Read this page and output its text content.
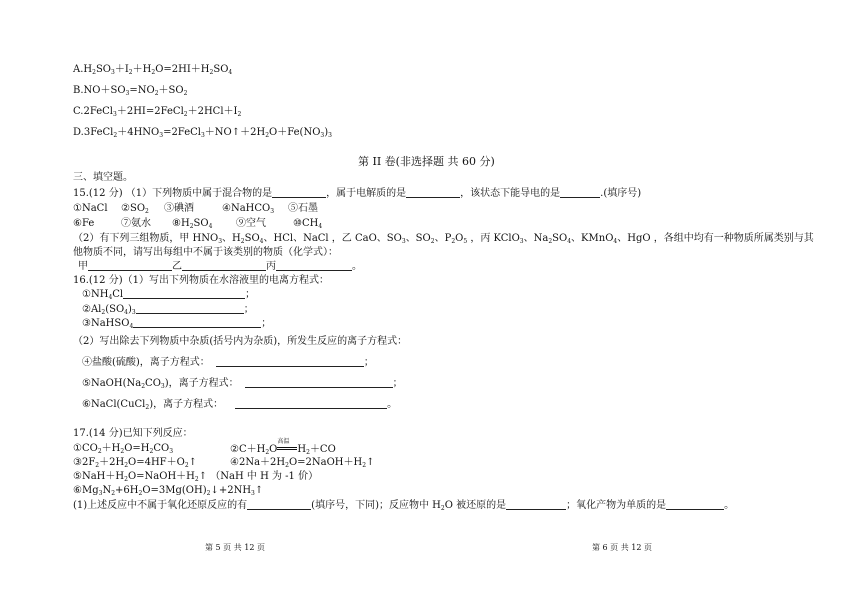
$A.H_2SO_3+I_2+H_2O=2HI+H_2SO_4$
$B.NO+SO_3=NO_2+SO_2$
$C.2FeCl_3+2HI=2FeCl_2+2HCl+I_2$
$D.3FeCl_2+4HNO_3=2FeCl_3+NO↑+2H_2O+Fe(NO_3)_3$
第 II 卷(非选择题 共 60 分)
三、填空题。
15.(12 分) （1）下列物质中属于混合物的是	，属于电解质的是	，该状态下能导电的是	.(填序号)
①NaCl $②SO_2$ ③碘酒	④NaHCO$_3$ ⑤石墨
⑥Fe	⑦氨水 $⑧H_2SO_4$ ⑨空气	$⑩CH_4$
（2）有下列三组物质，甲 $HNO_3$、$H_2SO_4$、HCl、NaCl ，乙 CaO、$SO_3$、$SO_2$、$P_2O_5$ ，丙 KClO$_3$、$Na_2SO_4$、KMnO$_4$、HgO ，各组中均有一种物质所属类别与其
他物质不同，请写出每组中不属于该类别的物质（化学式）：
甲	乙	丙	。
16.(12 分)（1）写出下列物质在水溶液里的电离方程式：
$①NH_4Cl$	；
$②Al_2(SO_4)_3$	；
③NaHSO$_4$	；
（2）写出除去下列物质中杂质(括号内为杂质)，所发生反应的离子方程式：
④盐酸(硫酸)，离子方程式：	；
$⑤NaOH(Na_2CO_3)$，离子方程式：	；
⑥NaCl(CuCl$_2$)，离子方程式：	。
17.(14 分)已知下列反应：
$①CO_2+H_2O=H_2CO_3$	$②C+H_2O$
高温
$H_2+CO$
$③2F_2+2H_2O=4HF+O_2↑$	$④2Na+2H_2O=2NaOH+H_2↑$
$⑤NaH+H_2O=NaOH+H_2↑$ （NaH 中 H 为 -1 价）
$⑥Mg_3N_2+6H_2O=3Mg(OH)_2↓+2NH_3↑$
(1)上述反应中不属于氧化还原反应的有	(填序号，下同)；反应物中 $H_2O$ 被还原的是	；氧化产物为单质的是	。
第 5 页 共 12 页	第 6 页 共 12 页
